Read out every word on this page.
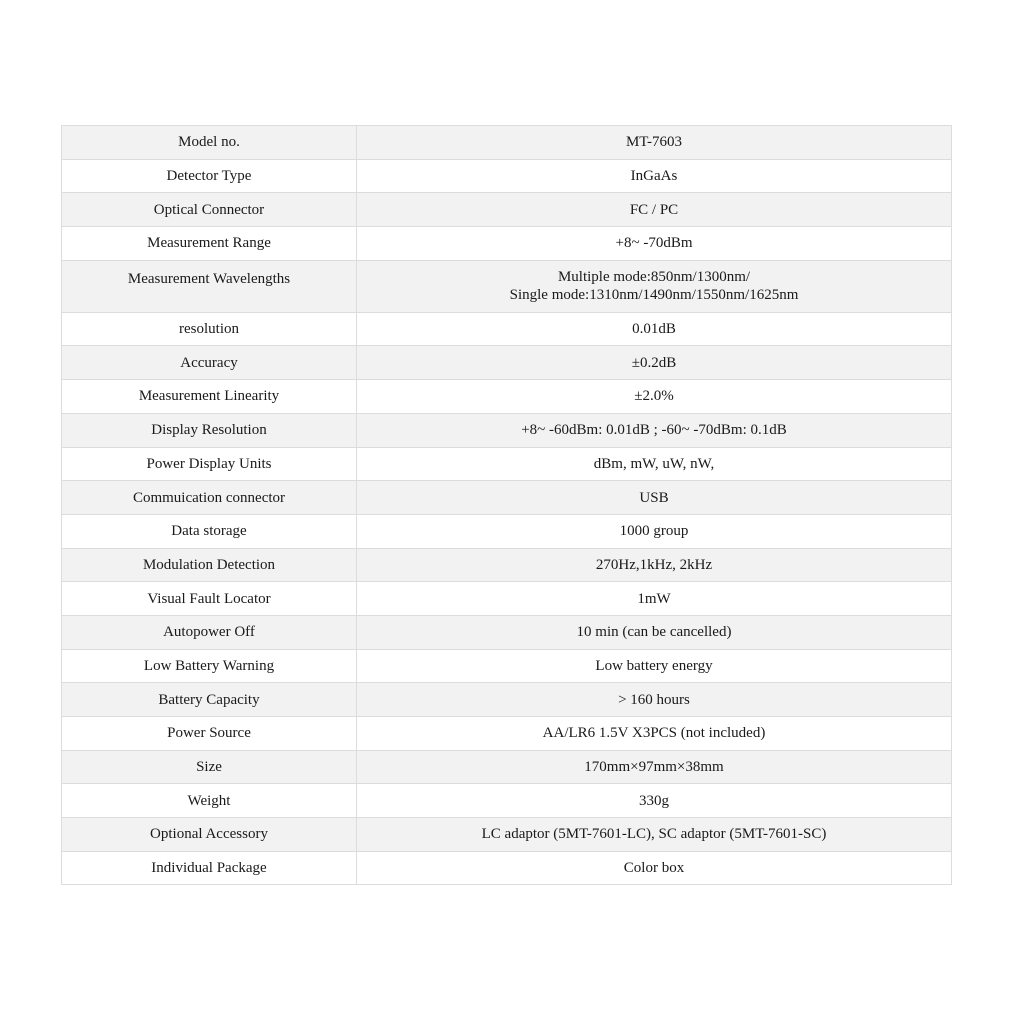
Model no.	MT-7603
Detector Type	InGaAs
Optical Connector	FC / PC
Measurement Range	+8~ -70dBm
Measurement Wavelengths	Multiple mode:850nm/1300nm/
Single mode:1310nm/1490nm/1550nm/1625nm

resolution	0.01dB
Accuracy	±0.2dB
Measurement Linearity	±2.0%
Display Resolution	+8~ -60dBm: 0.01dB ; -60~ -70dBm: 0.1dB
Power Display Units	dBm, mW, uW, nW,
Commuication connector	USB
Data storage	1000 group
Modulation Detection	270Hz,1kHz, 2kHz
Visual Fault Locator	1mW
Autopower Off	10 min (can be cancelled)
Low Battery Warning	Low battery energy
Battery Capacity	> 160 hours
Power Source	AA/LR6 1.5V X3PCS (not included)
Size	170mm×97mm×38mm
Weight	330g
Optional Accessory	LC adaptor (5MT-7601-LC), SC adaptor (5MT-7601-SC)
Individual Package	Color box
